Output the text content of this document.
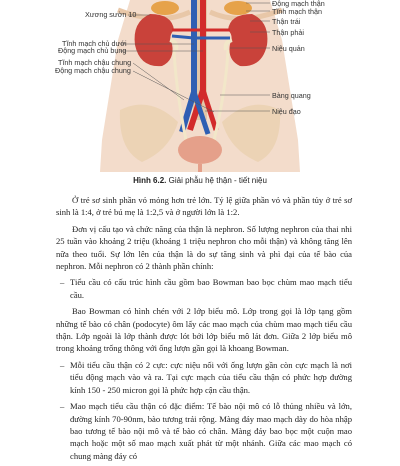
Xương sườn 10
Tĩnh mạch chủ dưới
Động mạch chủ bụng
Tĩnh mạch chậu chung
Động mạch chậu chung
Động mạch thận
Tĩnh mạch thận
Thận trái
Thận phải
Niệu quản
Bàng quang
Niệu đạo
Hình 6.2. Giải phẫu hệ thận - tiết niệu

Ở trẻ sơ sinh phần vỏ mỏng hơn trẻ lớn. Tỷ lệ giữa phần vỏ và phần tủy ở trẻ sơ sinh là 1:4, ở trẻ bú mẹ là 1:2,5 và ở người lớn là 1:2.

Đơn vị cấu tạo và chức năng của thận là nephron. Số lượng nephron của thai nhi 25 tuần vào khoảng 2 triệu (khoảng 1 triệu nephron cho mỗi thận) và không tăng lên nữa theo tuổi. Sự lớn lên của thận là do sự tăng sinh và phì đại của tế bào của nephron. Mỗi nephron có 2 thành phần chính:

– Tiểu cầu có cấu trúc hình cầu gồm bao Bowman bao bọc chùm mao mạch tiểu cầu.

Bao Bowman có hình chén với 2 lớp biểu mô. Lớp trong gọi là lớp tạng gồm những tế bào có chân (podocyte) ôm lấy các mao mạch của chùm mao mạch tiểu cầu thận. Lớp ngoài là lớp thành được lót bởi lớp biểu mô lát đơn. Giữa 2 lớp biểu mô trong khoảng trống thông với ống lượn gần gọi là khoang Bowman.

– Mỗi tiểu cầu thận có 2 cực: cực niệu nối với ống lượn gần còn cực mạch là nơi tiểu động mạch vào và ra. Tại cực mạch của tiểu cầu thận có phức hợp đường kính 150 - 250 micron gọi là phức hợp cận cầu thận.

– Mao mạch tiểu cầu thận có đặc điểm: Tế bào nội mô có lỗ thủng nhiều và lớn, đường kính 70-90nm, bào tương trải rộng. Màng đáy mao mạch dày do hòa nhập bao tương tế bào nội mô và tế bào có chân. Màng đáy bao bọc một cuộn mao mạch hoặc một số mao mạch xuất phát từ một nhánh. Giữa các mao mạch có chung màng đáy có
